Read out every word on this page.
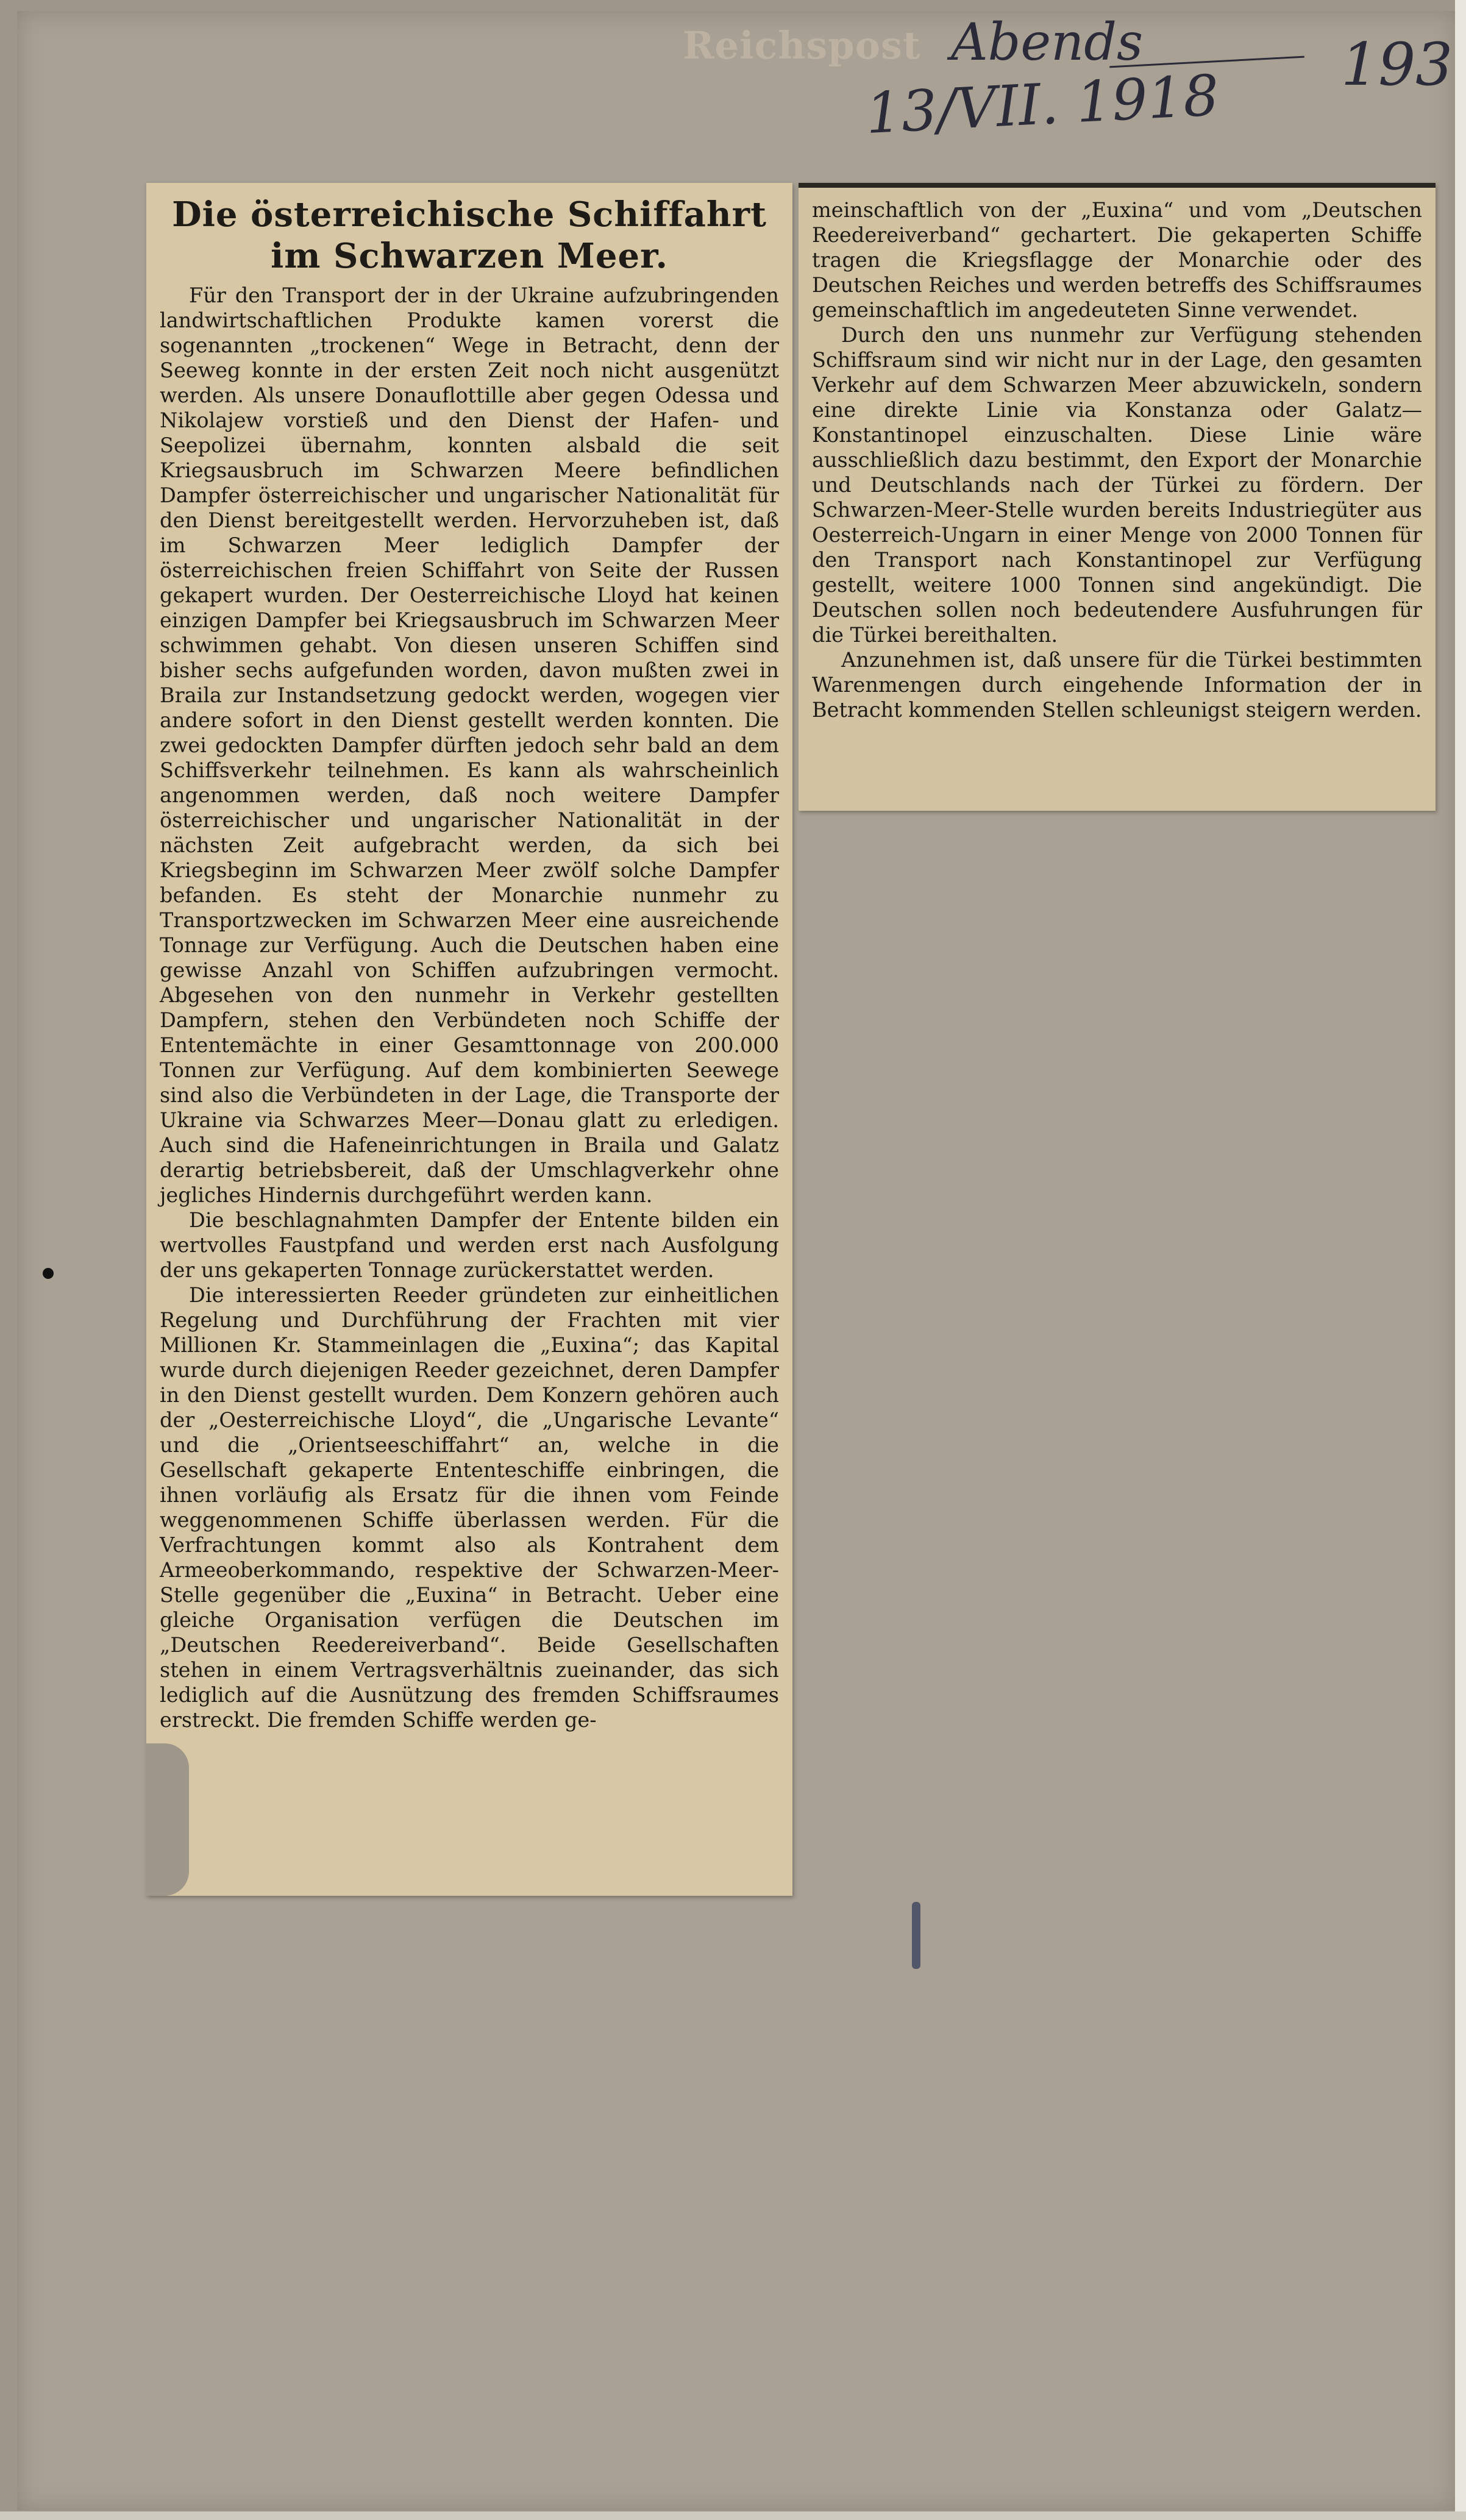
Reichspost Abends
13/VII. 1918 193
Die österreichische Schiffahrt
im Schwarzen Meer.

Für den Transport der in der Ukraine aufzubringenden landwirtschaftlichen Produkte kamen vorerst die sogenannten „trockenen“ Wege in Betracht, denn der Seeweg konnte in der ersten Zeit noch nicht ausgenützt werden. Als unsere Donauflottille aber gegen Odessa und Nikolajew vorstieß und den Dienst der Hafen- und Seepolizei übernahm, konnten alsbald die seit Kriegsausbruch im Schwarzen Meere befindlichen Dampfer österreichischer und ungarischer Nationalität für den Dienst bereitgestellt werden. Hervorzuheben ist, daß im Schwarzen Meer lediglich Dampfer der österreichischen freien Schiffahrt von Seite der Russen gekapert wurden. Der Oesterreichische Lloyd hat keinen einzigen Dampfer bei Kriegsausbruch im Schwarzen Meer schwimmen gehabt. Von diesen unseren Schiffen sind bisher sechs aufgefunden worden, davon mußten zwei in Braila zur Instandsetzung gedockt werden, wogegen vier andere sofort in den Dienst gestellt werden konnten. Die zwei gedockten Dampfer dürften jedoch sehr bald an dem Schiffsverkehr teilnehmen. Es kann als wahrscheinlich angenommen werden, daß noch weitere Dampfer österreichischer und ungarischer Nationalität in der nächsten Zeit aufgebracht werden, da sich bei Kriegsbeginn im Schwarzen Meer zwölf solche Dampfer befanden. Es steht der Monarchie nunmehr zu Transportzwecken im Schwarzen Meer eine ausreichende Tonnage zur Verfügung. Auch die Deutschen haben eine gewisse Anzahl von Schiffen aufzubringen vermocht. Abgesehen von den nunmehr in Verkehr gestellten Dampfern, stehen den Verbündeten noch Schiffe der Ententemächte in einer Gesamttonnage von 200.000 Tonnen zur Verfügung. Auf dem kombinierten Seewege sind also die Verbündeten in der Lage, die Transporte der Ukraine via Schwarzes Meer—Donau glatt zu erledigen. Auch sind die Hafeneinrichtungen in Braila und Galatz derartig betriebsbereit, daß der Umschlagverkehr ohne jegliches Hindernis durchgeführt werden kann.

Die beschlagnahmten Dampfer der Entente bilden ein wertvolles Faustpfand und werden erst nach Ausfolgung der uns gekaperten Tonnage zurückerstattet werden.

Die interessierten Reeder gründeten zur einheitlichen Regelung und Durchführung der Frachten mit vier Millionen Kr. Stammeinlagen die „Euxina“; das Kapital wurde durch diejenigen Reeder gezeichnet, deren Dampfer in den Dienst gestellt wurden. Dem Konzern gehören auch der „Oesterreichische Lloyd“, die „Ungarische Levante“ und die „Orientseeschiffahrt“ an, welche in die Gesellschaft gekaperte Ententeschiffe einbringen, die ihnen vorläufig als Ersatz für die ihnen vom Feinde weggenommenen Schiffe überlassen werden. Für die Verfrachtungen kommt also als Kontrahent dem Armeeoberkommando, respektive der Schwarzen-Meer-Stelle gegenüber die „Euxina“ in Betracht. Ueber eine gleiche Organisation verfügen die Deutschen im „Deutschen Reedereiverband“. Beide Gesellschaften stehen in einem Vertragsverhältnis zueinander, das sich lediglich auf die Ausnützung des fremden Schiffsraumes erstreckt. Die fremden Schiffe werden ge-

meinschaftlich von der „Euxina“ und vom „Deutschen Reedereiverband“ gechartert. Die gekaperten Schiffe tragen die Kriegsflagge der Monarchie oder des Deutschen Reiches und werden betreffs des Schiffsraumes gemeinschaftlich im angedeuteten Sinne verwendet.

Durch den uns nunmehr zur Verfügung stehenden Schiffsraum sind wir nicht nur in der Lage, den gesamten Verkehr auf dem Schwarzen Meer abzuwickeln, sondern eine direkte Linie via Konstanza oder Galatz—Konstantinopel einzuschalten. Diese Linie wäre ausschließlich dazu bestimmt, den Export der Monarchie und Deutschlands nach der Türkei zu fördern. Der Schwarzen-Meer-Stelle wurden bereits Industriegüter aus Oesterreich-Ungarn in einer Menge von 2000 Tonnen für den Transport nach Konstantinopel zur Verfügung gestellt, weitere 1000 Tonnen sind angekündigt. Die Deutschen sollen noch bedeutendere Ausfuhrungen für die Türkei bereithalten.

Anzunehmen ist, daß unsere für die Türkei bestimmten Warenmengen durch eingehende Information der in Betracht kommenden Stellen schleunigst steigern werden.
